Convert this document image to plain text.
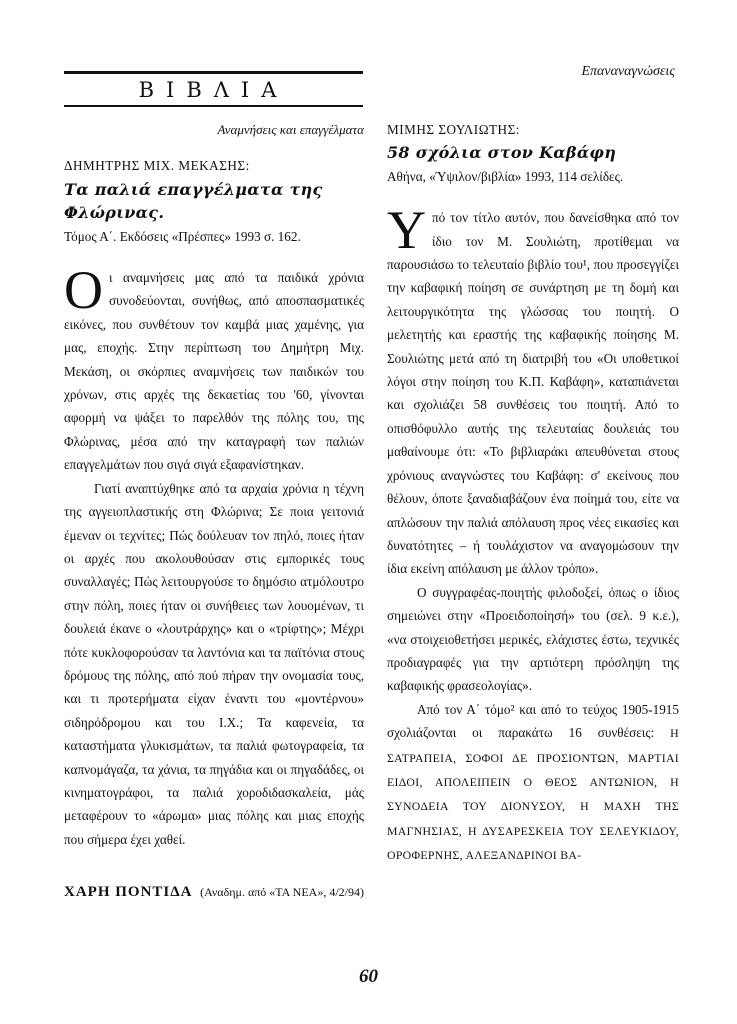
ΒΙΒΛΙΑ
Επαναναγνώσεις
Αναμνήσεις και επαγγέλματα
ΔΗΜΗΤΡΗΣ ΜΙΧ. ΜΕΚΑΣΗΣ:
Τα παλιά επαγγέλματα της Φλώρινας.
Τόμος Α΄. Εκδόσεις «Πρέσπες» 1993 σ. 162.

Οι αναμνήσεις μας από τα παιδικά χρόνια συνοδεύονται, συνήθως, από αποσπασματικές εικόνες, που συνθέτουν τον καμβά μιας χαμένης, για μας, εποχής. Στην περίπτωση του Δημήτρη Μιχ. Μεκάση, οι σκόρπιες αναμνήσεις των παιδικών του χρόνων, στις αρχές της δεκαετίας του '60, γίνονται αφορμή να ψάξει το παρελθόν της πόλης του, της Φλώρινας, μέσα από την καταγραφή των παλιών επαγγελμάτων που σιγά σιγά εξαφανίστηκαν.

Γιατί αναπτύχθηκε από τα αρχαία χρόνια η τέχνη της αγγειοπλαστικής στη Φλώρινα; Σε ποια γειτονιά έμεναν οι τεχνίτες; Πώς δούλευαν τον πηλό, ποιες ήταν οι αρχές που ακολουθούσαν στις εμπορικές τους συναλλαγές; Πώς λειτουργούσε το δημόσιο ατμόλουτρο στην πόλη, ποιες ήταν οι συνήθειες των λουομένων, τι δουλειά έκανε ο «λουτράρχης» και ο «τρίφτης»; Μέχρι πότε κυκλοφορούσαν τα λαντόνια και τα παϊτόνια στους δρόμους της πόλης, από πού πήραν την ονομασία τους, και τι προτερήματα είχαν έναντι του «μοντέρνου» σιδηρόδρομου και του Ι.Χ.; Τα καφενεία, τα καταστήματα γλυκισμάτων, τα παλιά φωτογραφεία, τα καπνομάγαζα, τα χάνια, τα πηγάδια και οι πηγαδάδες, οι κινηματογράφοι, τα παλιά χοροδιδασκαλεία, μάς μεταφέρουν το «άρωμα» μιας πόλης και μιας εποχής που σήμερα έχει χαθεί.

ΧΑΡΗ ΠΟΝΤΙΔΑ (Αναδημ. από «ΤΑ ΝΕΑ», 4/2/94)
ΜΙΜΗΣ ΣΟΥΛΙΩΤΗΣ:
58 σχόλια στον Καβάφη
Αθήνα, «Ύψιλον/βιβλία» 1993, 114 σελίδες.

Υπό τον τίτλο αυτόν, που δανείσθηκα από τον ίδιο τον Μ. Σουλιώτη, προτίθεμαι να παρουσιάσω το τελευταίο βιβλίο του¹, που προσεγγίζει την καβαφική ποίηση σε συνάρτηση με τη δομή και λειτουργικότητα της γλώσσας του ποιητή. Ο μελετητής και εραστής της καβαφικής ποίησης Μ. Σουλιώτης μετά από τη διατριβή του «Οι υποθετικοί λόγοι στην ποίηση του Κ.Π. Καβάφη», καταπιάνεται και σχολιάζει 58 συνθέσεις του ποιητή. Από το οπισθόφυλλο αυτής της τελευταίας δουλειάς του μαθαίνουμε ότι: «Το βιβλιαράκι απευθύνεται στους χρόνιους αναγνώστες του Καβάφη: σ' εκείνους που θέλουν, όποτε ξαναδιαβάζουν ένα ποίημά του, είτε να απλώσουν την παλιά απόλαυση προς νέες εικασίες και δυνατότητες – ή τουλάχιστον να αναγομώσουν την ίδια εκείνη απόλαυση με άλλον τρόπο».

Ο συγγραφέας-ποιητής φιλοδοξεί, όπως ο ίδιος σημειώνει στην «Προειδοποίησή» του (σελ. 9 κ.ε.), «να στοιχειοθετήσει μερικές, ελάχιστες έστω, τεχνικές προδιαγραφές για την αρτιότερη πρόσληψη της καβαφικής φρασεολογίας».

Από τον Α΄ τόμο² και από το τεύχος 1905-1915 σχολιάζονται οι παρακάτω 16 συνθέσεις: Η ΣΑΤΡΑΠΕΙΑ, ΣΟΦΟΙ ΔΕ ΠΡΟΣΙΟΝΤΩΝ, ΜΑΡΤΙΑΙ ΕΙΔΟΙ, ΑΠΟΛΕΙΠΕΙΝ Ο ΘΕΟΣ ΑΝΤΩΝΙΟΝ, Η ΣΥΝΟΔΕΙΑ ΤΟΥ ΔΙΟΝΥΣΟΥ, Η ΜΑΧΗ ΤΗΣ ΜΑΓΝΗΣΙΑΣ, Η ΔΥΣΑΡΕΣΚΕΙΑ ΤΟΥ ΣΕΛΕΥΚΙΔΟΥ, ΟΡΟΦΕΡΝΗΣ, ΑΛΕΞΑΝΔΡΙΝΟΙ ΒΑ-

60
